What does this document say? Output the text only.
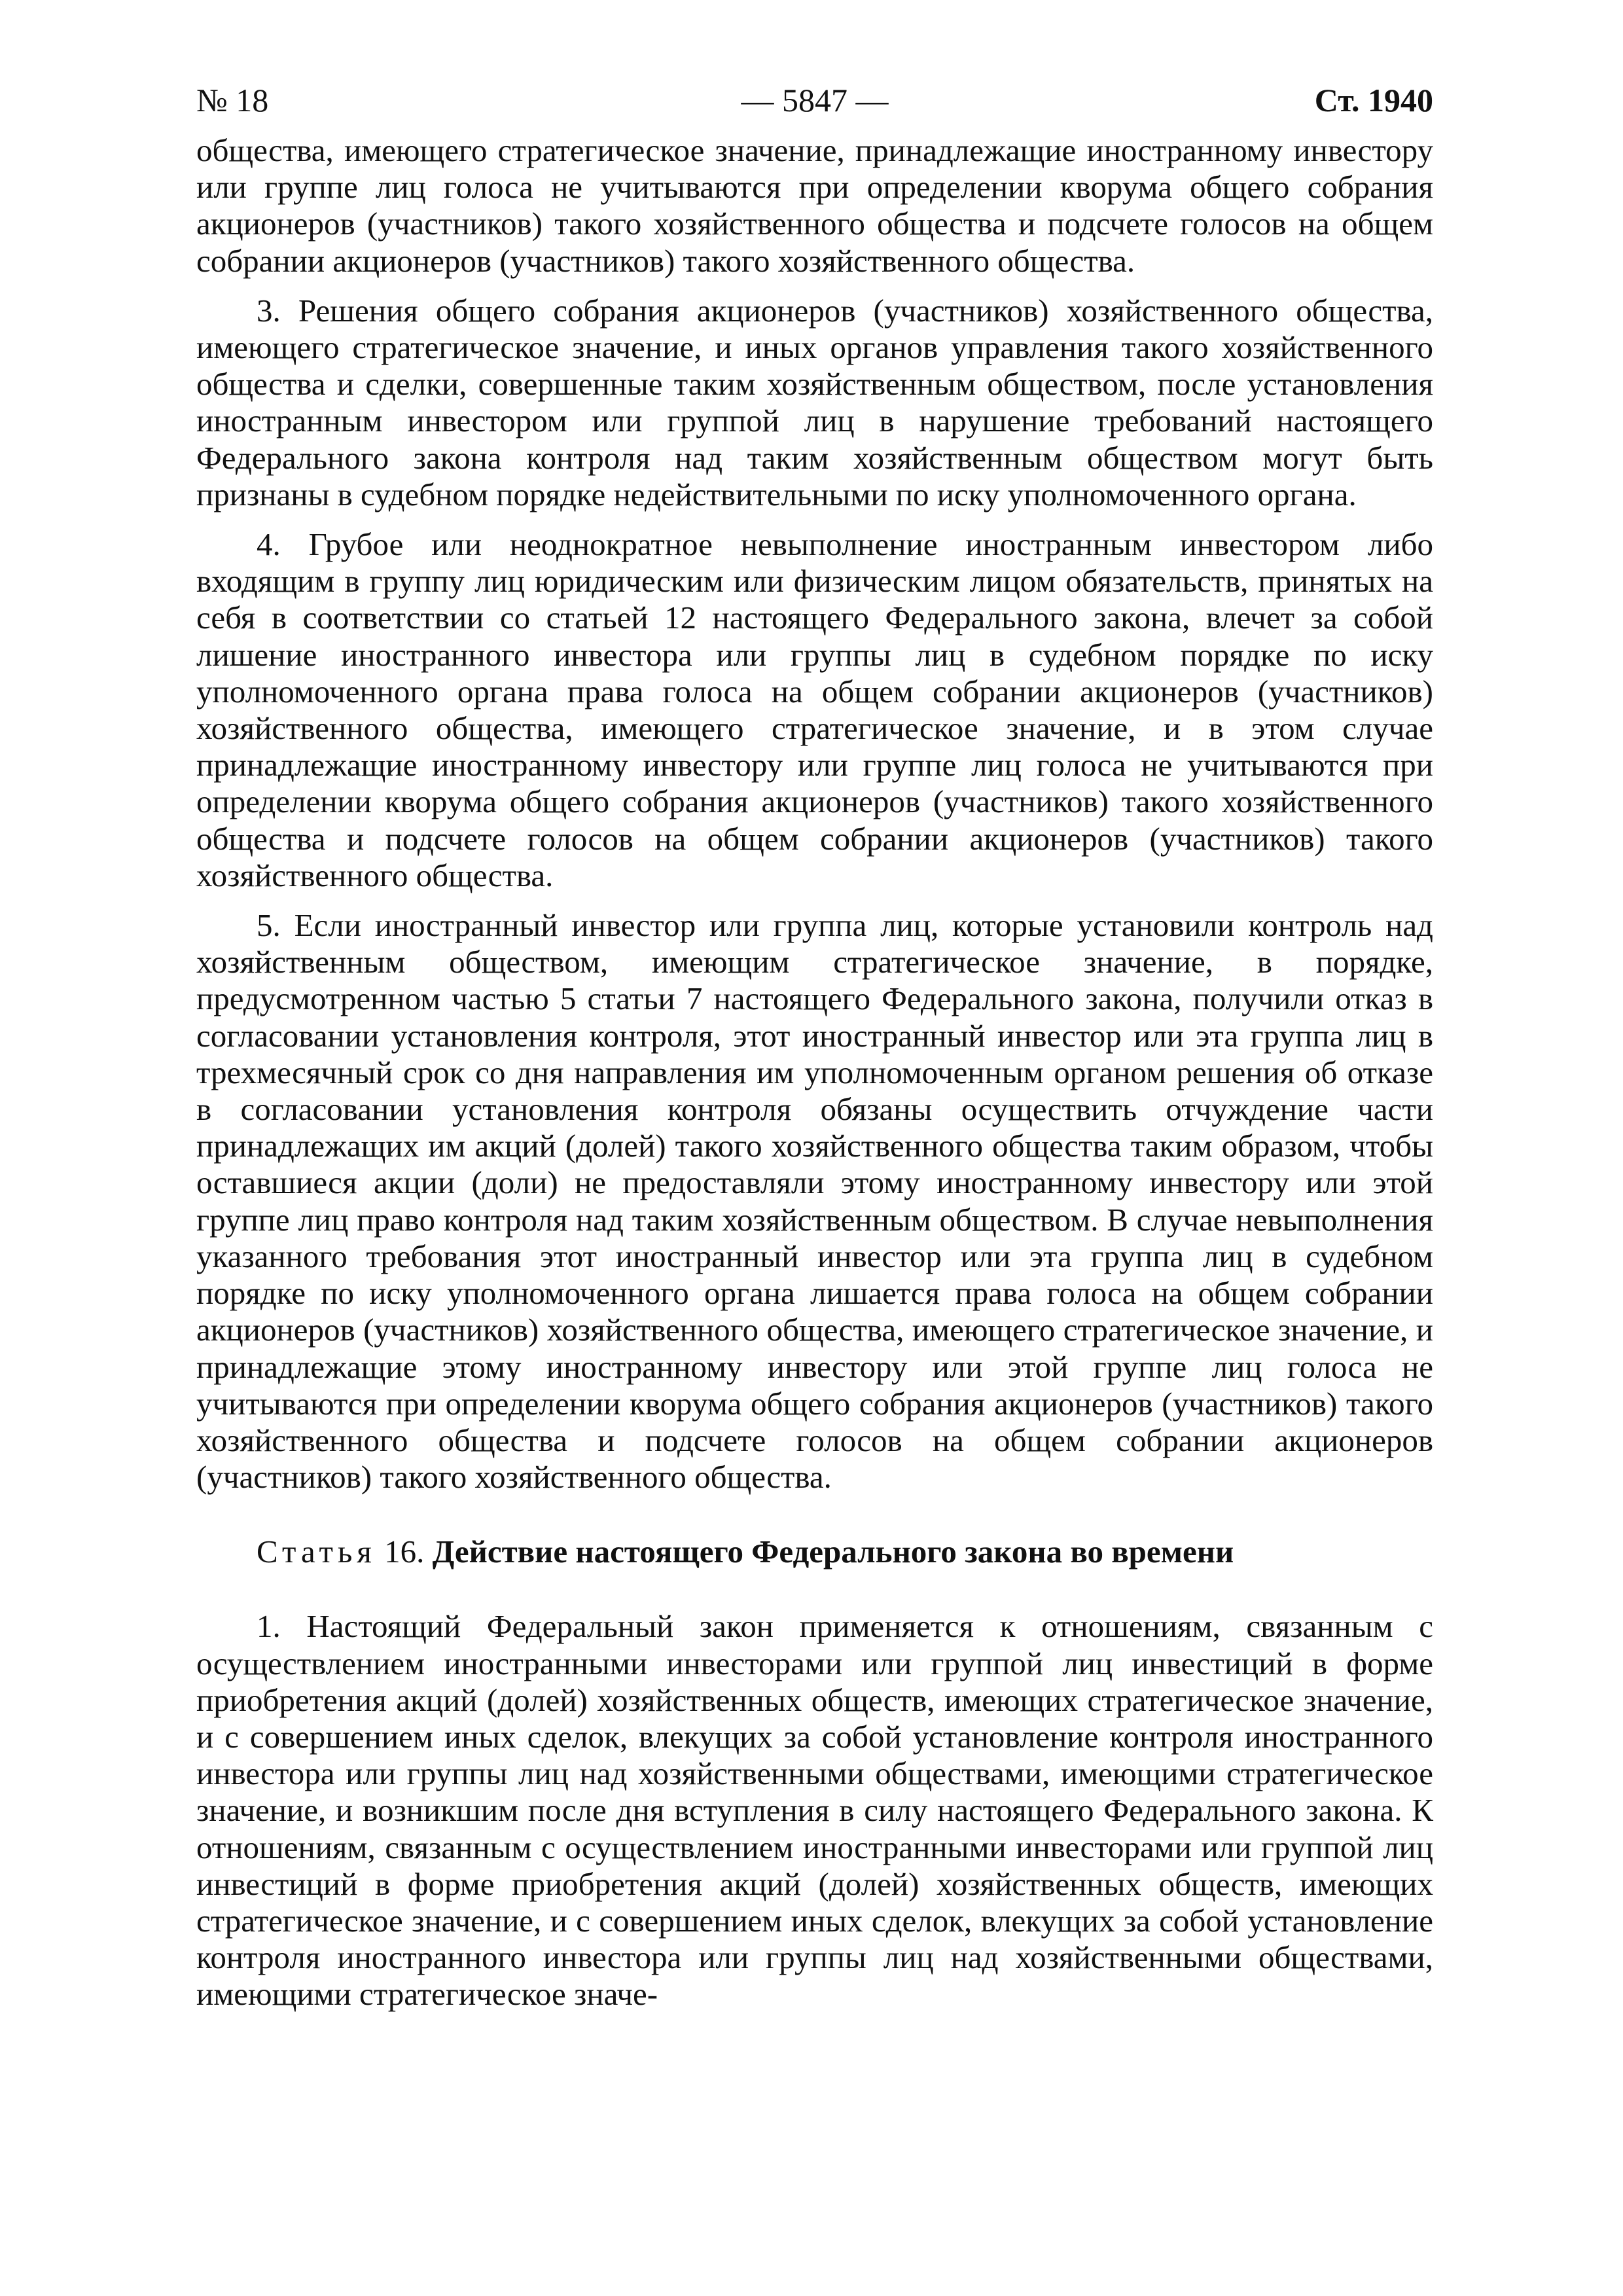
№ 18	— 5847 —	Ст. 1940

общества, имеющего стратегическое значение, принадлежащие иностранному инвестору или группе лиц голоса не учитываются при определении кворума общего собрания акционеров (участников) такого хозяйственного общества и подсчете голосов на общем собрании акционеров (участников) такого хозяйственного общества.

3. Решения общего собрания акционеров (участников) хозяйственного общества, имеющего стратегическое значение, и иных органов управления такого хозяйственного общества и сделки, совершенные таким хозяйственным обществом, после установления иностранным инвестором или группой лиц в нарушение требований настоящего Федерального закона контроля над таким хозяйственным обществом могут быть признаны в судебном порядке недействительными по иску уполномоченного органа.

4. Грубое или неоднократное невыполнение иностранным инвестором либо входящим в группу лиц юридическим или физическим лицом обязательств, принятых на себя в соответствии со статьей 12 настоящего Федерального закона, влечет за собой лишение иностранного инвестора или группы лиц в судебном порядке по иску уполномоченного органа права голоса на общем собрании акционеров (участников) хозяйственного общества, имеющего стратегическое значение, и в этом случае принадлежащие иностранному инвестору или группе лиц голоса не учитываются при определении кворума общего собрания акционеров (участников) такого хозяйственного общества и подсчете голосов на общем собрании акционеров (участников) такого хозяйственного общества.

5. Если иностранный инвестор или группа лиц, которые установили контроль над хозяйственным обществом, имеющим стратегическое значение, в порядке, предусмотренном частью 5 статьи 7 настоящего Федерального закона, получили отказ в согласовании установления контроля, этот иностранный инвестор или эта группа лиц в трехмесячный срок со дня направления им уполномоченным органом решения об отказе в согласовании установления контроля обязаны осуществить отчуждение части принадлежащих им акций (долей) такого хозяйственного общества таким образом, чтобы оставшиеся акции (доли) не предоставляли этому иностранному инвестору или этой группе лиц право контроля над таким хозяйственным обществом. В случае невыполнения указанного требования этот иностранный инвестор или эта группа лиц в судебном порядке по иску уполномоченного органа лишается права голоса на общем собрании акционеров (участников) хозяйственного общества, имеющего стратегическое значение, и принадлежащие этому иностранному инвестору или этой группе лиц голоса не учитываются при определении кворума общего собрания акционеров (участников) такого хозяйственного общества и подсчете голосов на общем собрании акционеров (участников) такого хозяйственного общества.

Статья 16. Действие настоящего Федерального закона во времени

1. Настоящий Федеральный закон применяется к отношениям, связанным с осуществлением иностранными инвесторами или группой лиц инвестиций в форме приобретения акций (долей) хозяйственных обществ, имеющих стратегическое значение, и с совершением иных сделок, влекущих за собой установление контроля иностранного инвестора или группы лиц над хозяйственными обществами, имеющими стратегическое значение, и возникшим после дня вступления в силу настоящего Федерального закона. К отношениям, связанным с осуществлением иностранными инвесторами или группой лиц инвестиций в форме приобретения акций (долей) хозяйственных обществ, имеющих стратегическое значение, и с совершением иных сделок, влекущих за собой установление контроля иностранного инвестора или группы лиц над хозяйственными обществами, имеющими стратегическое значе-
